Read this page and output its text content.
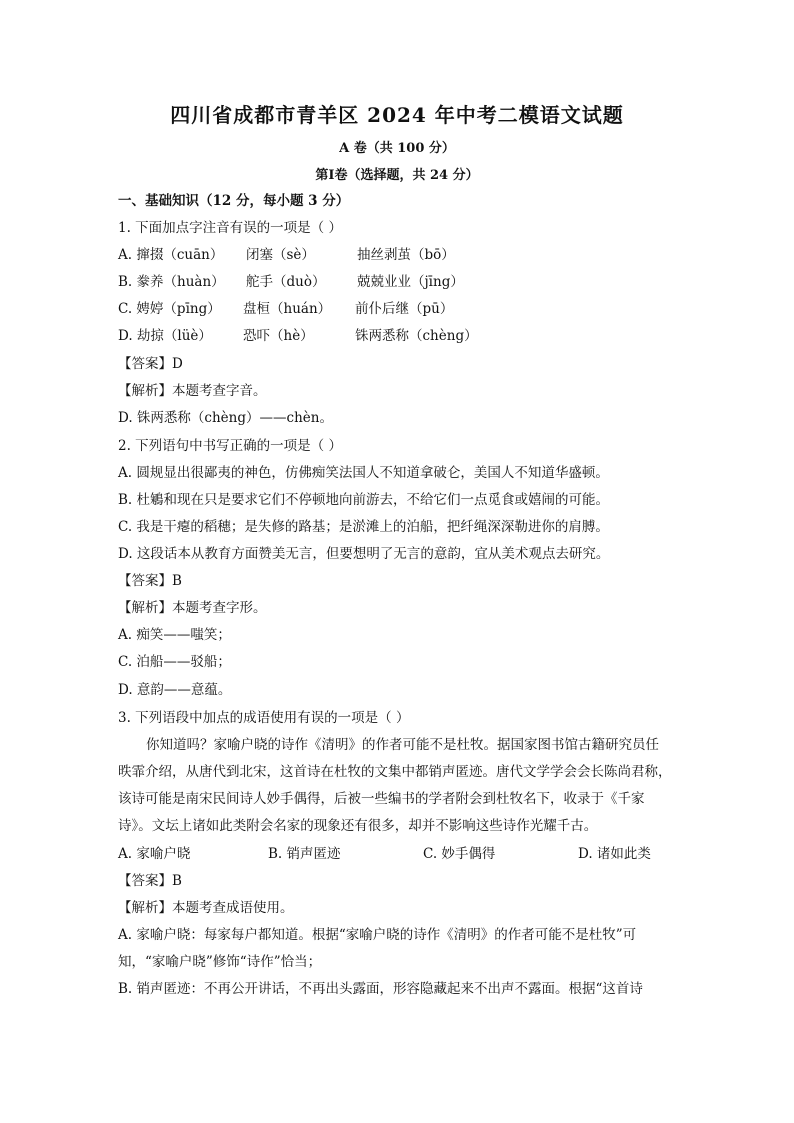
四川省成都市青羊区 2024 年中考二模语文试题
A 卷（共 100 分）
第Ⅰ卷（选择题，共 24 分）
一、基础知识（12 分，每小题 3 分）
1. 下面加点字注音有误的一项是（ ）
A. 撺掇（cuān） 闭塞（sè）	抽丝剥茧（bō）
B. 豢养（huàn） 舵手（duò） 兢兢业业（jīng）
C. 娉婷（pīng） 盘桓（huán） 前仆后继（pū）
D. 劫掠（lüè） 恐吓（hè）	铢两悉称（chèng）
【答案】D
【解析】本题考查字音。
D. 铢两悉称（chèng）——chèn。
2. 下列语句中书写正确的一项是（ ）
A. 圆规显出很鄙夷的神色，仿佛痴笑法国人不知道拿破仑，美国人不知道华盛顿。
B. 杜鵴和现在只是要求它们不停顿地向前游去，不给它们一点觅食或嬉闹的可能。
C. 我是干瘪的稻穗；是失修的路基；是淤滩上的泊船，把纤绳深深勒进你的肩膊。
D. 这段话本从教育方面赞美无言，但要想明了无言的意韵，宜从美术观点去研究。
【答案】B
【解析】本题考查字形。
A. 痴笑——嗤笑；
C. 泊船——驳船；
D. 意韵——意蕴。
3. 下列语段中加点的成语使用有误的一项是（ ）
你知道吗？家喻户晓的诗作《清明》的作者可能不是杜牧。据国家图书馆古籍研究员任
昳霏介绍，从唐代到北宋，这首诗在杜牧的文集中都销声匿迹。唐代文学学会会长陈尚君称，
该诗可能是南宋民间诗人妙手偶得，后被一些编书的学者附会到杜牧名下，收录于《千家
诗》。文坛上诸如此类附会名家的现象还有很多，却并不影响这些诗作光耀千古。
A. 家喻户晓	B. 销声匿迹	C. 妙手偶得	D. 诸如此类
【答案】B
【解析】本题考查成语使用。
A. 家喻户晓：每家每户都知道。根据“家喻户晓的诗作《清明》的作者可能不是杜牧”可
知，“家喻户晓”修饰“诗作”恰当；
B. 销声匿迹：不再公开讲话，不再出头露面，形容隐藏起来不出声不露面。根据“这首诗
